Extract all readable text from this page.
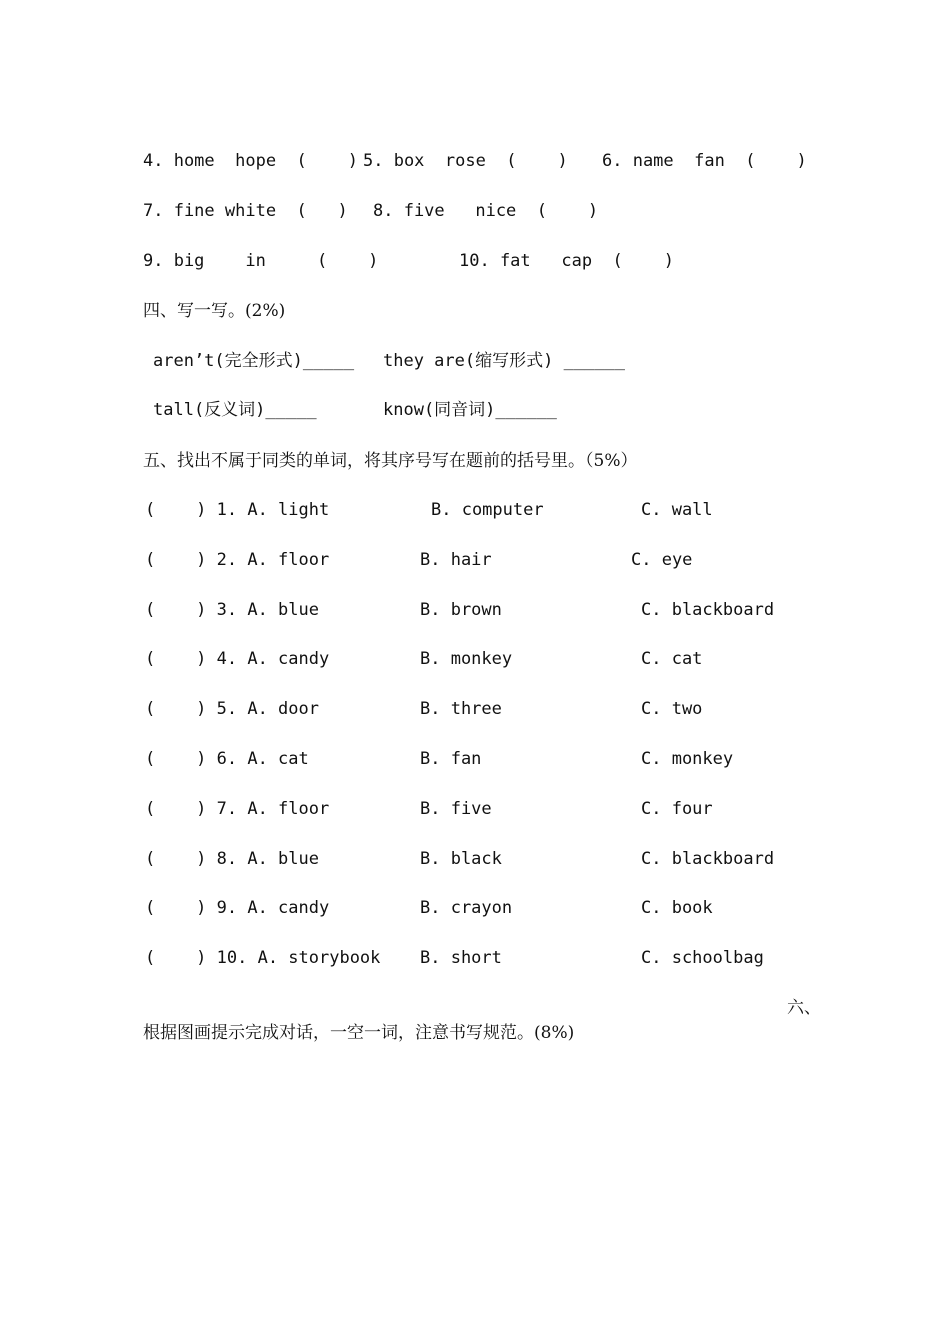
4. home  hope  (    ) 5. box  rose  (    ) 6. name  fan  (    )
7. fine white  (   ) 8. five   nice  (    )
9. big    in     (    )	10. fat   cap  (    )
四、写一写。(2%)
aren’t(完全形式)_____ they are(缩写形式) ______
tall(反义词)_____	know(同音词)______
五、找出不属于同类的单词，将其序号写在题前的括号里。（5%）
(    ) 1. A. light	B. computer	C. wall
(    ) 2. A. floor	B. hair	C. eye
(    ) 3. A. blue	B. brown	C. blackboard
(    ) 4. A. candy	B. monkey	C. cat
(    ) 5. A. door	B. three	C. two
(    ) 6. A. cat	B. fan	C. monkey
(    ) 7. A. floor	B. five	C. four
(    ) 8. A. blue	B. black	C. blackboard
(    ) 9. A. candy	B. crayon	C. book
(    ) 10. A. storybook B. short	C. schoolbag
六、
根据图画提示完成对话，一空一词，注意书写规范。(8%)
